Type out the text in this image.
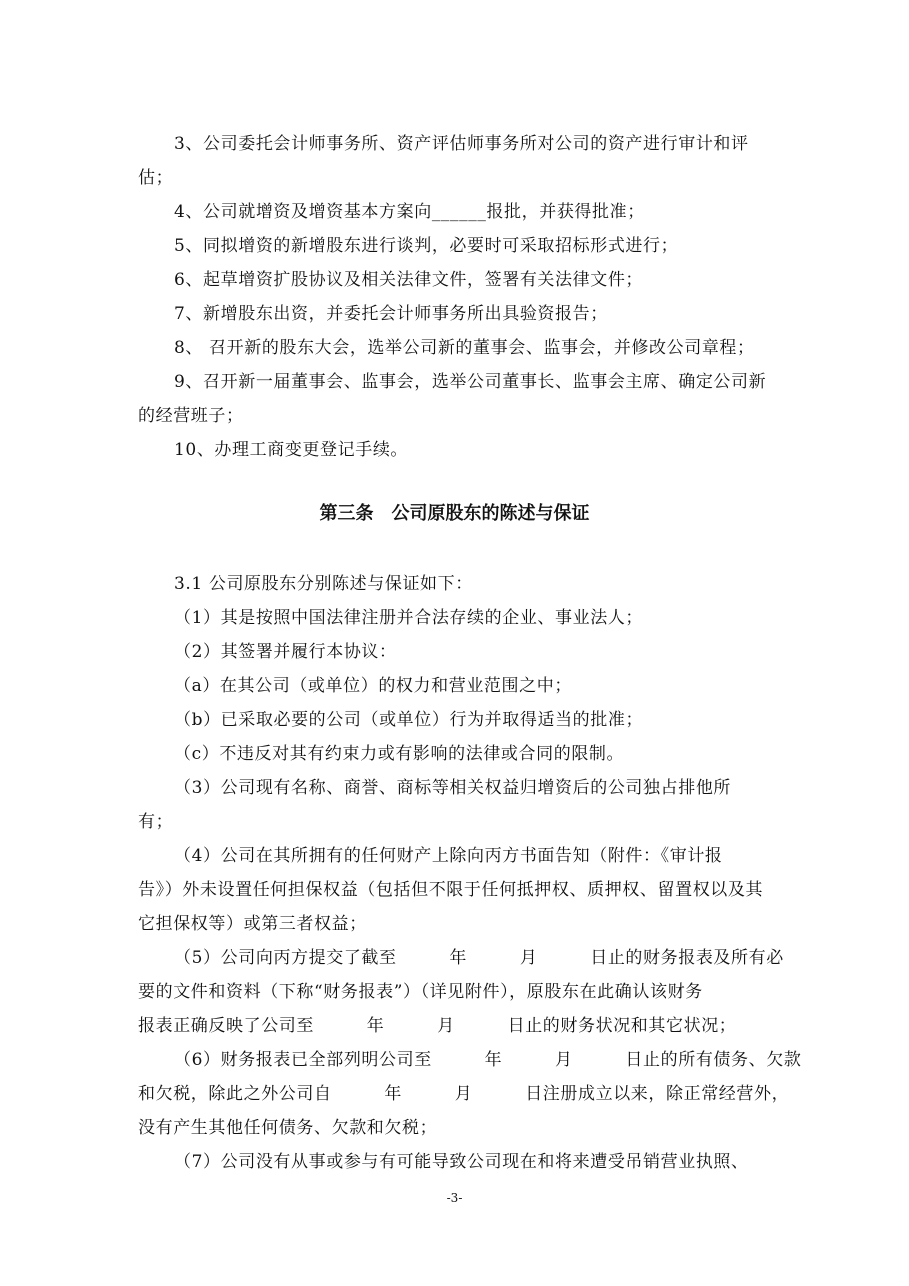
3、公司委托会计师事务所、资产评估师事务所对公司的资产进行审计和评
估；
4、公司就增资及增资基本方案向______报批，并获得批准；
5、同拟增资的新增股东进行谈判，必要时可采取招标形式进行；
6、起草增资扩股协议及相关法律文件，签署有关法律文件；
7、新增股东出资，并委托会计师事务所出具验资报告；
8、 召开新的股东大会，选举公司新的董事会、监事会，并修改公司章程；
9、召开新一届董事会、监事会，选举公司董事长、监事会主席、确定公司新
的经营班子；
10、办理工商变更登记手续。
第三条　公司原股东的陈述与保证
3.1 公司原股东分别陈述与保证如下：
（1）其是按照中国法律注册并合法存续的企业、事业法人；
（2）其签署并履行本协议：
（a）在其公司（或单位）的权力和营业范围之中；
（b）已采取必要的公司（或单位）行为并取得适当的批准；
（c）不违反对其有约束力或有影响的法律或合同的限制。
（3）公司现有名称、商誉、商标等相关权益归增资后的公司独占排他所
有；
（4）公司在其所拥有的任何财产上除向丙方书面告知（附件：《审计报
告》）外未设置任何担保权益（包括但不限于任何抵押权、质押权、留置权以及其
它担保权等）或第三者权益；
（5）公司向丙方提交了截至　　　年　　　月　　　日止的财务报表及所有必
要的文件和资料（下称“财务报表”）（详见附件），原股东在此确认该财务
报表正确反映了公司至　　　年　　　月　　　日止的财务状况和其它状况；
（6）财务报表已全部列明公司至　　　年　　　月　　　日止的所有债务、欠款
和欠税，除此之外公司自　　　年　　　月　　　日注册成立以来，除正常经营外，
没有产生其他任何债务、欠款和欠税；
（7）公司没有从事或参与有可能导致公司现在和将来遭受吊销营业执照、
-3-
